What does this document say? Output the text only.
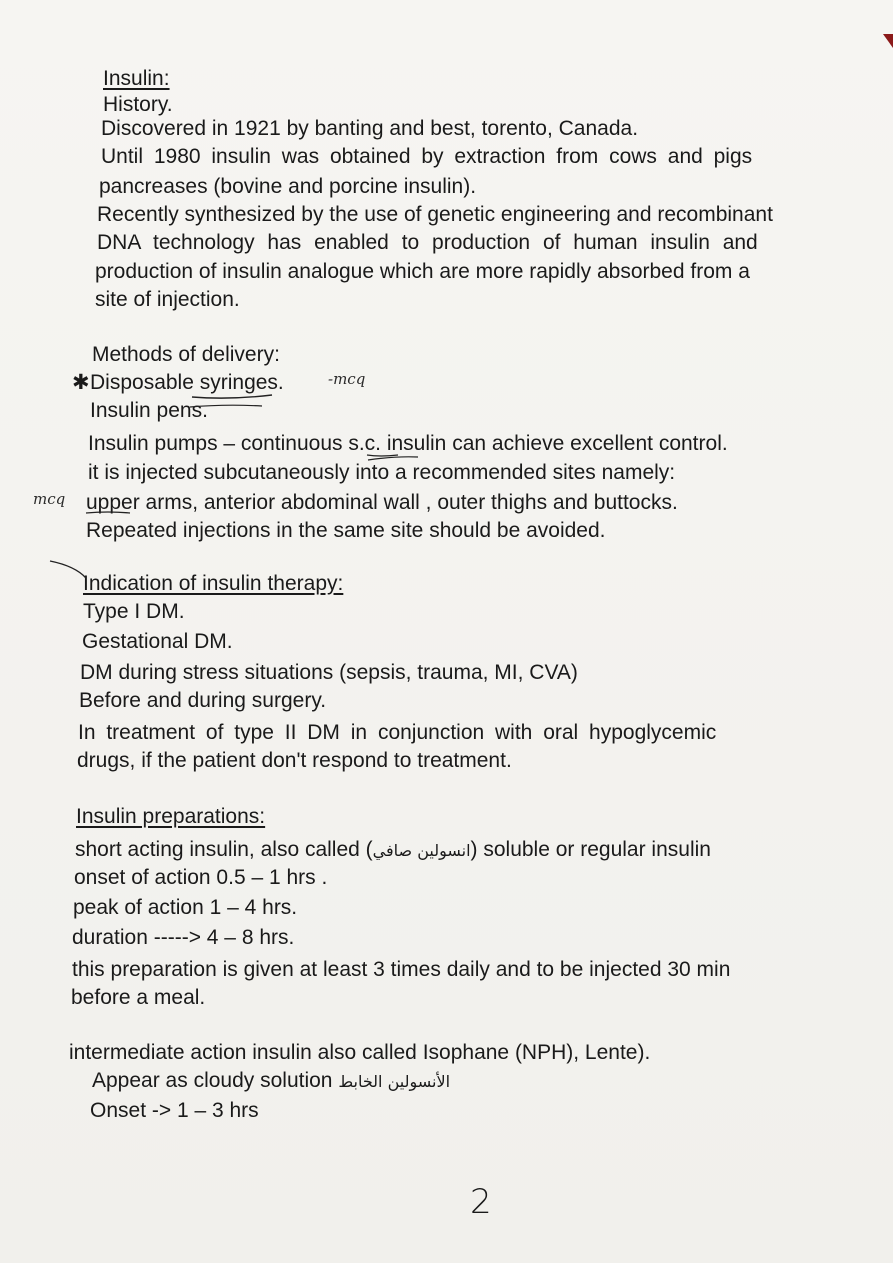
Insulin:
History.
Discovered in 1921 by banting and best, torento, Canada.
Until 1980 insulin was obtained by extraction from cows and pigs
pancreases (bovine and porcine insulin).
Recently synthesized by the use of genetic engineering and recombinant
DNA technology has enabled to production of human insulin and
production of insulin analogue which are more rapidly absorbed from a
site of injection.
Methods of delivery:
✱ Disposable syringes.	-mcq
Insulin pens.
Insulin pumps – continuous s.c. insulin can achieve excellent control.
it is injected subcutaneously into a recommended sites namely:
mcq upper arms, anterior abdominal wall , outer thighs and buttocks.
Repeated injections in the same site should be avoided.
Indication of insulin therapy:
Type I DM.
Gestational DM.
DM during stress situations (sepsis, trauma, MI, CVA)
Before and during surgery.
In treatment of type II DM in conjunction with oral hypoglycemic
drugs, if the patient don't respond to treatment.
Insulin preparations:
short acting insulin, also called (انسولين صافي) soluble or regular insulin
onset of action 0.5 – 1 hrs .
peak of action 1 – 4 hrs.
duration -----> 4 – 8 hrs.
this preparation is given at least 3 times daily and to be injected 30 min
before a meal.
intermediate action insulin also called Isophane (NPH), Lente).
Appear as cloudy solution الأنسولين الخابط
Onset -> 1 – 3 hrs
2
